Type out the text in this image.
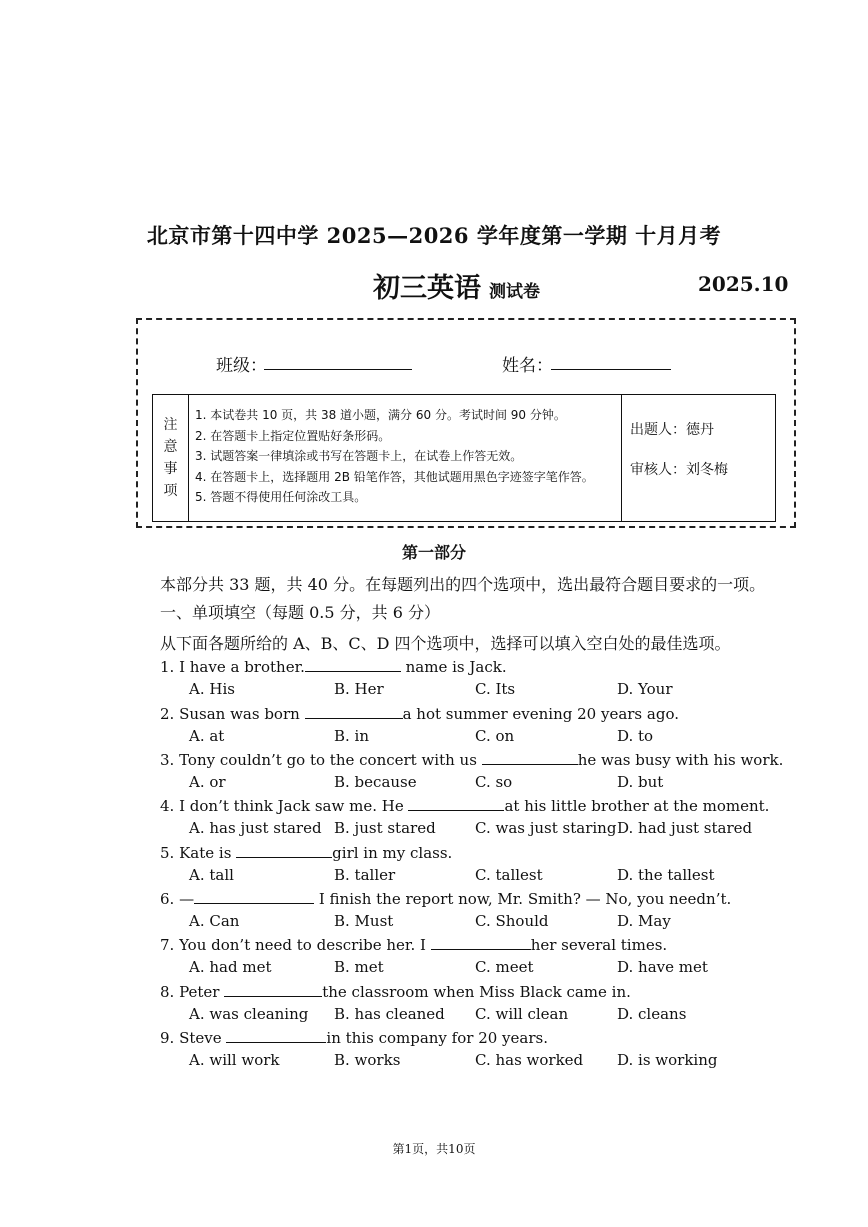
北京市第十四中学 2025—2026 学年度第一学期 十月月考
初三英语 测试卷	2025.10
班级：	姓名：
注
意
事
项
1. 本试卷共 10 页，共 38 道小题，满分 60 分。考试时间 90 分钟。
2. 在答题卡上指定位置贴好条形码。
3. 试题答案一律填涂或书写在答题卡上，在试卷上作答无效。
4. 在答题卡上，选择题用 2B 铅笔作答，其他试题用黑色字迹签字笔作答。
5. 答题不得使用任何涂改工具。
出题人：德丹
审核人：刘冬梅
第一部分
本部分共 33 题，共 40 分。在每题列出的四个选项中，选出最符合题目要求的一项。
一、单项填空（每题 0.5 分，共 6 分）
从下面各题所给的 A、B、C、D 四个选项中，选择可以填入空白处的最佳选项。
1. I have a brother.	name is Jack.
A. His	B. Her	C. Its	D. Your
2. Susan was born	a hot summer evening 20 years ago.
A. at	B. in	C. on	D. to
3. Tony couldn’t go to the concert with us	he was busy with his work.
A. or	B. because	C. so	D. but
4. I don’t think Jack saw me. He	at his little brother at the moment.
A. has just stared B. just stared	C. was just staring D. had just stared
5. Kate is	girl in my class.
A. tall	B. taller	C. tallest	D. the tallest
6. —	I finish the report now, Mr. Smith? — No, you needn’t.
A. Can	B. Must	C. Should	D. May
7. You don’t need to describe her. I	her several times.
A. had met	B. met	C. meet	D. have met
8. Peter	the classroom when Miss Black came in.
A. was cleaning B. has cleaned C. will clean	D. cleans
9. Steve	in this company for 20 years.
A. will work	B. works	C. has worked D. is working
第1页，共10页
